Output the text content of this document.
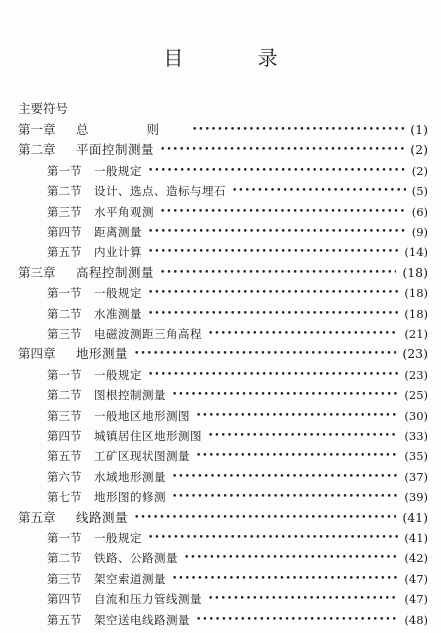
目 录
主要符号
第一章	总 则 •••••	(1)
第二章	平面控制测量 •••••	(2)
第一节	一般规定 •••••	(2)
第二节	设计、选点、造标与埋石 •••••	(5)
第三节	水平角观测 •••••	(6)
第四节	距离测量 •••••	(9)
第五节	内业计算 •••••	(14)
第三章	高程控制测量 •••••	(18)
第一节	一般规定 •••••	(18)
第二节	水准测量 •••••	(18)
第三节	电磁波测距三角高程 •••••	(21)
第四章	地形测量 •••••	(23)
第一节	一般规定 •••••	(23)
第二节	图根控制测量 •••••	(25)
第三节	一般地区地形测图 •••••	(30)
第四节	城镇居住区地形测图 •••••	(33)
第五节	工矿区现状图测量 •••••	(35)
第六节	水域地形测量 •••••	(37)
第七节	地形图的修测 •••••	(39)
第五章	线路测量 •••••	(41)
第一节	一般规定 •••••	(41)
第二节	铁路、公路测量 •••••	(42)
第三节	架空索道测量 •••••	(47)
第四节	自流和压力管线测量 •••••	(47)
第五节	架空送电线路测量 •••••	(48)
